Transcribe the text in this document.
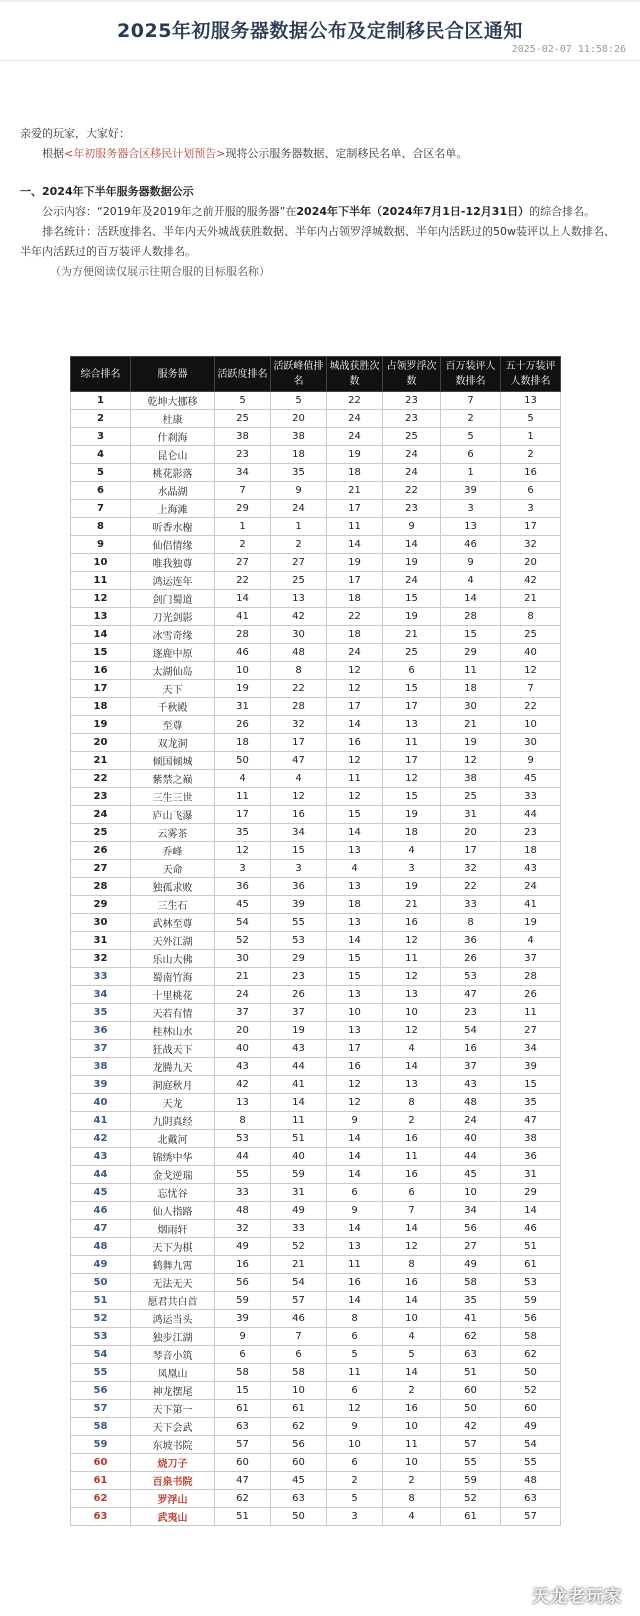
2025年初服务器数据公布及定制移民合区通知
2025-02-07 11:58:26

亲爱的玩家，大家好：

根据<年初服务器合区移民计划预告>现将公示服务器数据、定制移民名单、合区名单。

一、2024年下半年服务器数据公示

公示内容：“2019年及2019年之前开服的服务器”在2024年下半年（2024年7月1日-12月31日）的综合排名。

排名统计：活跃度排名、半年内天外城战获胜数据、半年内占领罗浮城数据、半年内活跃过的50w装评以上人数排名、半年内活跃过的百万装评人数排名。

（为方便阅读仅展示往期合服的目标服名称）

综合排名	服务器	活跃度排名	活跃峰值排名	城战获胜次数	占领罗浮次数	百万装评人数排名	五十万装评人数排名
1	乾坤大挪移	5	5	22	23	7	13
2	杜康	25	20	24	23	2	5
3	什刹海	38	38	24	25	5	1
4	昆仑山	23	18	19	24	6	2
5	桃花影落	34	35	18	24	1	16
6	水晶湖	7	9	21	22	39	6
7	上海滩	29	24	17	23	3	3
8	听香水榭	1	1	11	9	13	17
9	仙侣情缘	2	2	14	14	46	32
10	唯我独尊	27	27	19	19	9	20
11	鸿运连年	22	25	17	24	4	42
12	剑门蜀道	14	13	18	15	14	21
13	刀光剑影	41	42	22	19	28	8
14	冰雪奇缘	28	30	18	21	15	25
15	逐鹿中原	46	48	24	25	29	40
16	太湖仙岛	10	8	12	6	11	12
17	天下	19	22	12	15	18	7
18	千秋殿	31	28	17	17	30	22
19	至尊	26	32	14	13	21	10
20	双龙洞	18	17	16	11	19	30
21	倾国倾城	50	47	12	17	12	9
22	紫禁之巅	4	4	11	12	38	45
23	三生三世	11	12	12	15	25	33
24	庐山飞瀑	17	16	15	19	31	44
25	云雾茶	35	34	14	18	20	23
26	乔峰	12	15	13	4	17	18
27	天命	3	3	4	3	32	43
28	独孤求败	36	36	13	19	22	24
29	三生石	45	39	18	21	33	41
30	武林至尊	54	55	13	16	8	19
31	天外江湖	52	53	14	12	36	4
32	乐山大佛	30	29	15	11	26	37
33	蜀南竹海	21	23	15	12	53	28
34	十里桃花	24	26	13	13	47	26
35	天若有情	37	37	10	10	23	11
36	桂林山水	20	19	13	12	54	27
37	狂战天下	40	43	17	4	16	34
38	龙腾九天	43	44	16	14	37	39
39	洞庭秋月	42	41	12	13	43	15
40	天龙	13	14	12	8	48	35
41	九阴真经	8	11	9	2	24	47
42	北戴河	53	51	14	16	40	38
43	锦绣中华	44	40	14	11	44	36
44	金戈逆瑞	55	59	14	16	45	31
45	忘忧谷	33	31	6	6	10	29
46	仙人指路	48	49	9	7	34	14
47	烟雨轩	32	33	14	14	56	46
48	天下为棋	49	52	13	12	27	51
49	鹤舞九霄	16	21	11	8	49	61
50	无法无天	56	54	16	16	58	53
51	愿君共白首	59	57	14	14	35	59
52	鸿运当头	39	46	8	10	41	56
53	独步江湖	9	7	6	4	62	58
54	琴音小筑	6	6	5	5	63	62
55	凤凰山	58	58	11	14	51	50
56	神龙摆尾	15	10	6	2	60	52
57	天下第一	61	61	12	16	50	60
58	天下会武	63	62	9	10	42	49
59	东坡书院	57	56	10	11	57	54
60	烧刀子	60	60	6	10	55	55
61	百泉书院	47	45	2	2	59	48
62	罗浮山	62	63	5	8	52	63
63	武夷山	51	50	3	4	61	57
天龙老玩家
